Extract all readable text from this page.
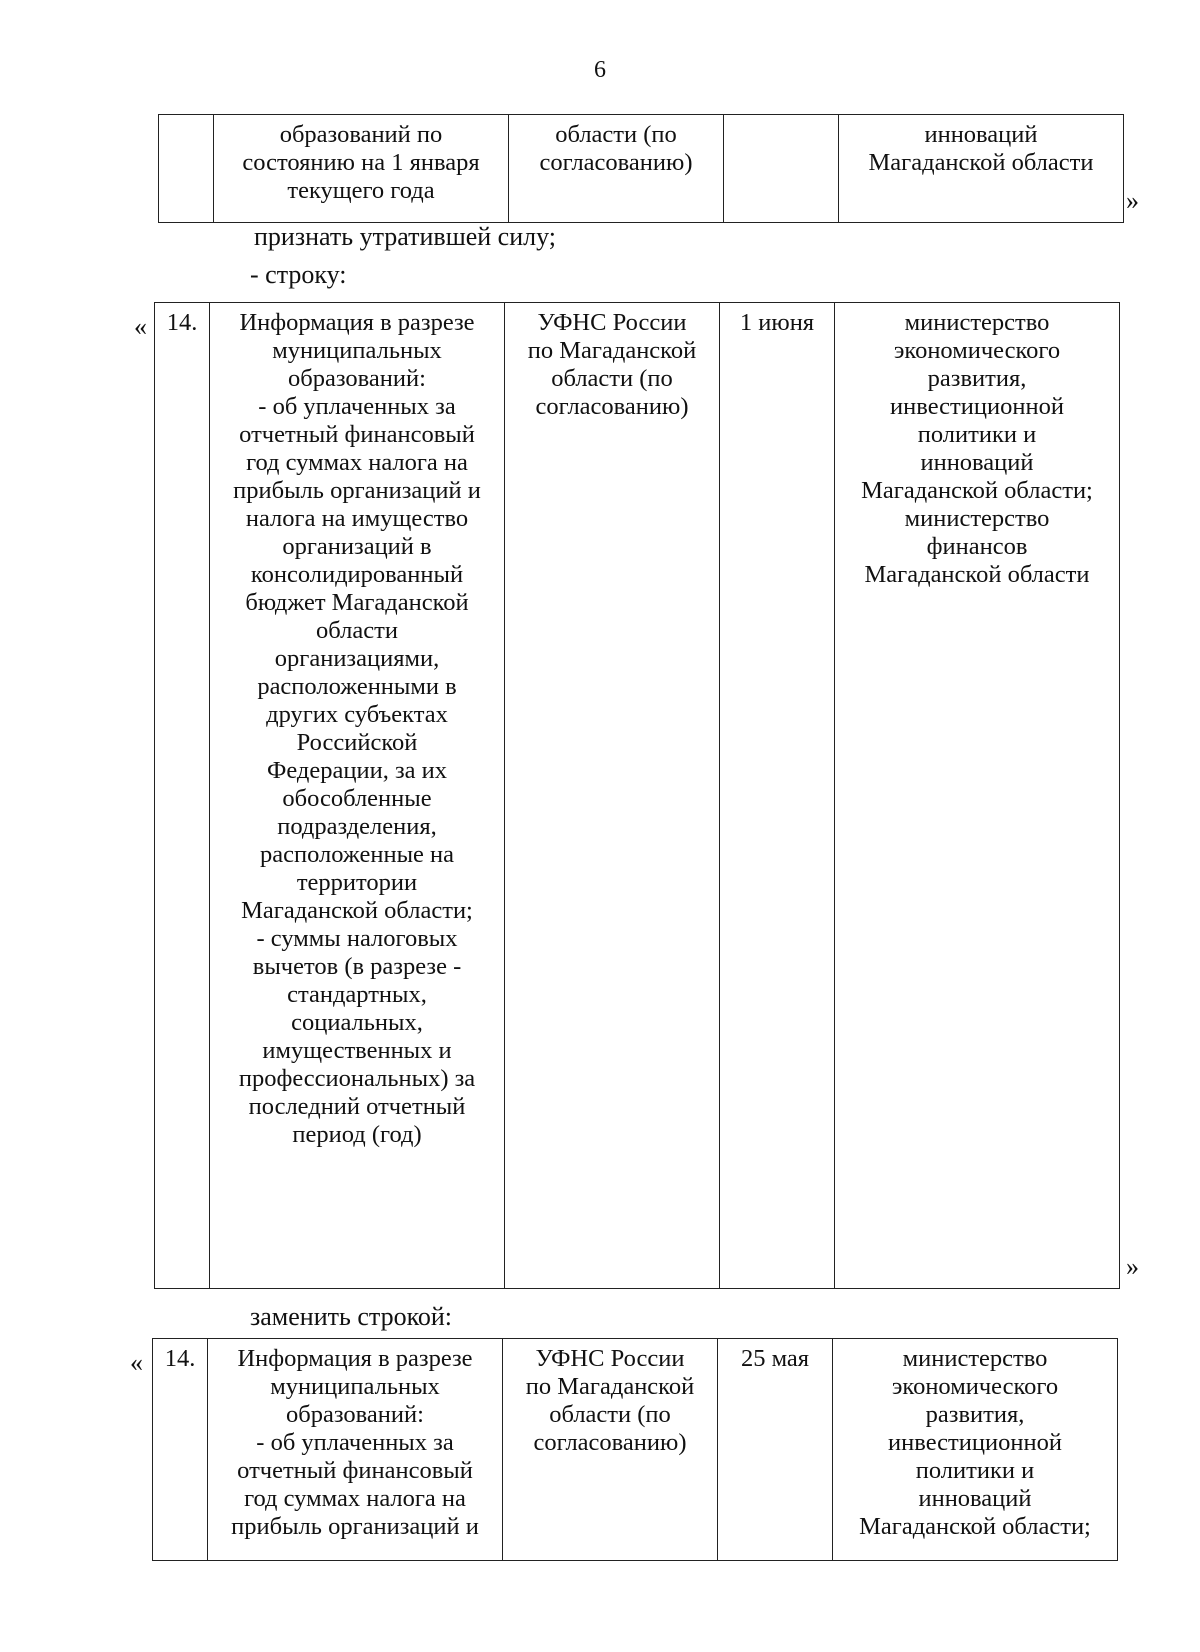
6
	образований по
состоянию на 1 января
текущего года	области (по
согласованию)		инноваций
Магаданской области
»
признать утратившей силу;
- строку:
« 14.	Информация в разрезе
муниципальных
образований:
- об уплаченных за
отчетный финансовый
год суммах налога на
прибыль организаций и
налога на имущество
организаций в
консолидированный
бюджет Магаданской
области
организациями,
расположенными в
других субъектах
Российской
Федерации, за их
обособленные
подразделения,
расположенные на
территории
Магаданской области;
- суммы налоговых
вычетов (в разрезе -
стандартных,
социальных,
имущественных и
профессиональных) за
последний отчетный
период (год)	УФНС России
по Магаданской
области (по
согласованию)	1 июня	министерство
экономического
развития,
инвестиционной
политики и
инноваций
Магаданской области;
министерство
финансов
Магаданской области
»
заменить строкой:
« 14.	Информация в разрезе
муниципальных
образований:
- об уплаченных за
отчетный финансовый
год суммах налога на
прибыль организаций и	УФНС России
по Магаданской
области (по
согласованию)	25 мая	министерство
экономического
развития,
инвестиционной
политики и
инноваций
Магаданской области;
